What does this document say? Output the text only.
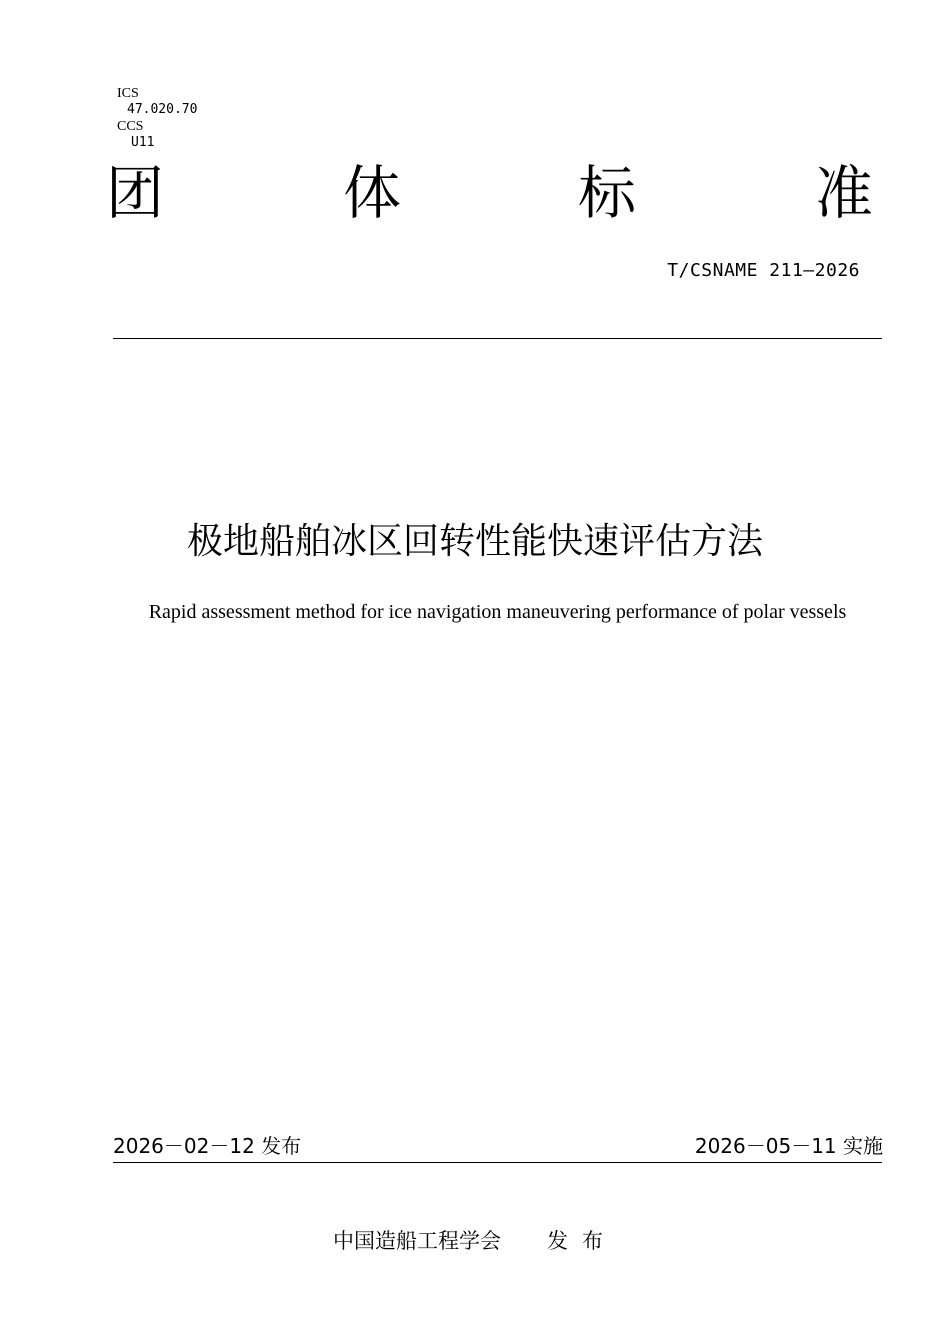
ICS
47.020.70

CCS
U11

团	体	标	准
T/CSNAME 211—2026
极地船舶冰区回转性能快速评估方法
Rapid assessment method for ice navigation maneuvering performance of polar vessels
2026－02－12 发布	2026－05－11 实施
中国造船工程学会 发布
